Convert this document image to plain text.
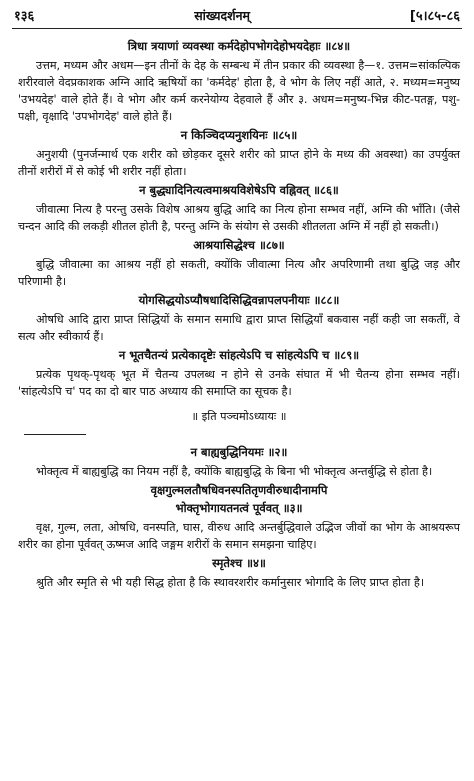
१३६	सांख्यदर्शनम्	[५।८५-८६
त्रिधा त्रयाणां व्यवस्था कर्मदेहोपभोगदेहोभयदेहाः ॥८४॥

उत्तम, मध्यम और अधम—इन तीनों के देह के सम्बन्ध में तीन प्रकार की व्यवस्था है—१. उत्तम=सांकल्पिक शरीरवाले वेदप्रकाशक अग्नि आदि ऋषियों का 'कर्मदेह' होता है, वे भोग के लिए नहीं आते, २. मध्यम=मनुष्य 'उभयदेह' वाले होते हैं। वे भोग और कर्म करनेयोग्य देहवाले हैं और ३. अधम=मनुष्य-भिन्न कीट-पतङ्ग, पशु-पक्षी, वृक्षादि 'उपभोगदेह' वाले होते हैं।

न किञ्चिदप्यनुशयिनः ॥८५॥

अनुशयी (पुनर्जन्मार्थ एक शरीर को छोड़कर दूसरे शरीर को प्राप्त होने के मध्य की अवस्था) का उपर्युक्त तीनों शरीरों में से कोई भी शरीर नहीं होता।

न बुद्ध्यादिनित्यत्वमाश्रयविशेषेऽपि वह्निवत् ॥८६॥

जीवात्मा नित्य है परन्तु उसके विशेष आश्रय बुद्धि आदि का नित्य होना सम्भव नहीं, अग्नि की भाँति। (जैसे चन्दन आदि की लकड़ी शीतल होती है, परन्तु अग्नि के संयोग से उसकी शीतलता अग्नि में नहीं हो सकती।)

आश्रयासिद्धेश्च ॥८७॥

बुद्धि जीवात्मा का आश्रय नहीं हो सकती, क्योंकि जीवात्मा नित्य और अपरिणामी तथा बुद्धि जड़ और परिणामी है।

योगसिद्धयोऽप्यौषधादिसिद्धिवन्नापलपनीयाः ॥८८॥

ओषधि आदि द्वारा प्राप्त सिद्धियों के समान समाधि द्वारा प्राप्त सिद्धियाँ बकवास नहीं कही जा सकतीं, वे सत्य और स्वीकार्य हैं।

न भूतचैतन्यं प्रत्येकादृष्टेः सांहत्येऽपि च सांहत्येऽपि च ॥८९॥

प्रत्येक पृथक्-पृथक् भूत में चैतन्य उपलब्ध न होने से उनके संघात में भी चैतन्य होना सम्भव नहीं। 'सांहत्येऽपि च' पद का दो बार पाठ अध्याय की समाप्ति का सूचक है।

॥ इति पञ्चमोऽध्यायः ॥
न बाह्यबुद्धिनियमः ॥२॥

भोक्तृत्व में बाह्यबुद्धि का नियम नहीं है, क्योंकि बाह्यबुद्धि के बिना भी भोक्तृत्व अन्तर्बुद्धि से होता है।

वृक्षगुल्मलतौषधिवनस्पतितृणवीरुधादीनामपि
भोक्तृभोगायतनत्वं पूर्ववत् ॥३॥

वृक्ष, गुल्म, लता, ओषधि, वनस्पति, घास, वीरुध आदि अन्तर्बुद्धिवाले उद्भिज जीवों का भोग के आश्रयरूप शरीर का होना पूर्ववत् ऊष्मज आदि जङ्गम शरीरों के समान समझना चाहिए।

स्मृतेश्च ॥४॥

श्रुति और स्मृति से भी यही सिद्ध होता है कि स्थावरशरीर कर्मानुसार भोगादि के लिए प्राप्त होता है।
